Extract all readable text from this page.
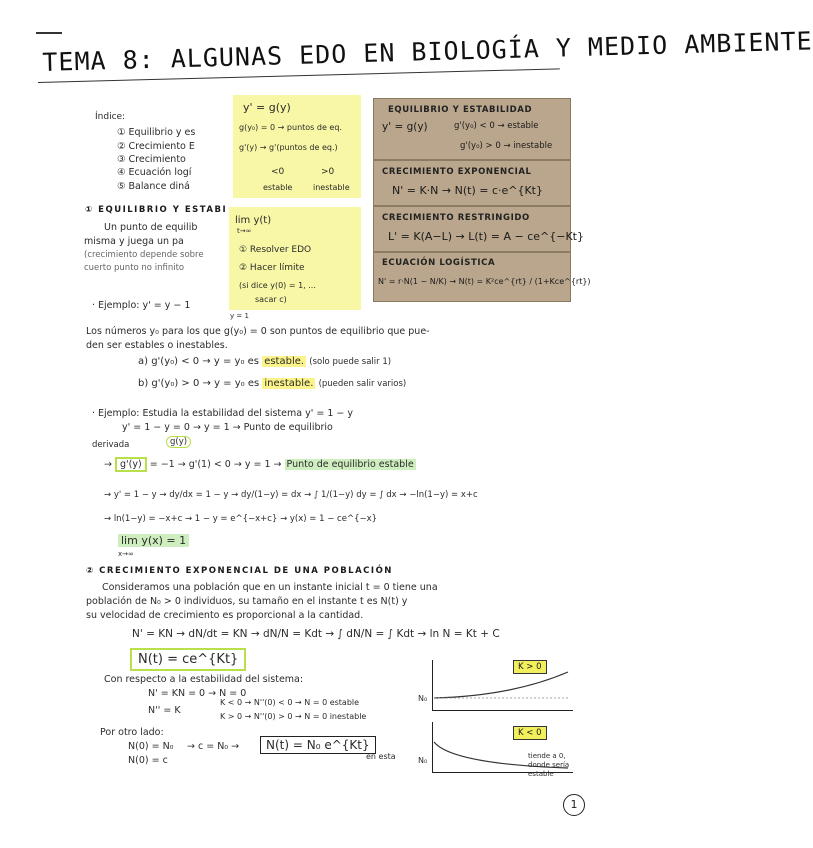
TEMA 8: ALGUNAS EDO EN BIOLOGÍA Y MEDIO AMBIENTE
Índice:
① Equilibrio y es
② Crecimiento E
③ Crecimiento
④ Ecuación logí
⑤ Balance diná
y' = g(y)
g(y₀) = 0 → puntos de eq.
g'(y) → g'(puntos de eq.)
<0	>0
estable	inestable
lim y(t)
t→∞
① Resolver EDO
② Hacer límite
(si dice y(0) = 1, ...
sacar c)
EQUILIBRIO Y ESTABILIDAD
y' = g(y)	g'(y₀) < 0 → estable
g'(y₀) > 0 → inestable
CRECIMIENTO EXPONENCIAL
N' = K·N → N(t) = c·e^{Kt}
CRECIMIENTO RESTRINGIDO
L' = K(A−L) → L(t) = A − ce^{−Kt}
ECUACIÓN LOGÍSTICA
N' = r·N(1 − N/K) → N(t) = K²ce^{rt} / (1+Kce^{rt})
① EQUILIBRIO Y ESTABI
Un punto de equilib
misma y juega un pa
(crecimiento depende sobre
cuerto punto no infinito
· Ejemplo: y' = y − 1
y = 1
Los números y₀ para los que g(y₀) = 0 son puntos de equilibrio que pue-
den ser estables o inestables.
a) g'(y₀) < 0 → y = y₀ es estable. (solo puede salir 1)
b) g'(y₀) > 0 → y = y₀ es inestable. (pueden salir varios)
· Ejemplo: Estudia la estabilidad del sistema y' = 1 − y
y' = 1 − y = 0 → y = 1 → Punto de equilibrio
g(y)
derivada
→ g'(y) = −1 → g'(1) < 0 → y = 1 → Punto de equilibrio estable
→ y' = 1 − y → dy/dx = 1 − y → dy/(1−y) = dx → ∫ 1/(1−y) dy = ∫ dx → −ln(1−y) = x+c
→ ln(1−y) = −x+c → 1 − y = e^{−x+c} → y(x) = 1 − ce^{−x}
lim y(x) = 1
x→∞
② CRECIMIENTO EXPONENCIAL DE UNA POBLACIÓN
Consideramos una población que en un instante inicial t = 0 tiene una
población de N₀ > 0 individuos, su tamaño en el instante t es N(t) y
su velocidad de crecimiento es proporcional a la cantidad.
N' = KN → dN/dt = KN → dN/N = Kdt → ∫ dN/N = ∫ Kdt → ln N = Kt + C
N(t) = ce^{Kt}
Con respecto a la estabilidad del sistema:
N' = KN = 0 → N = 0
N'' = K
K < 0 → N''(0) < 0 → N = 0 estable
K > 0 → N''(0) > 0 → N = 0 inestable
Por otro lado:
N(0) = N₀
N(0) = c
→ c = N₀ →	N(t) = N₀ e^{Kt}
K > 0
N₀
K < 0
N₀
en esta	tiende a 0, donde sería estable
1
